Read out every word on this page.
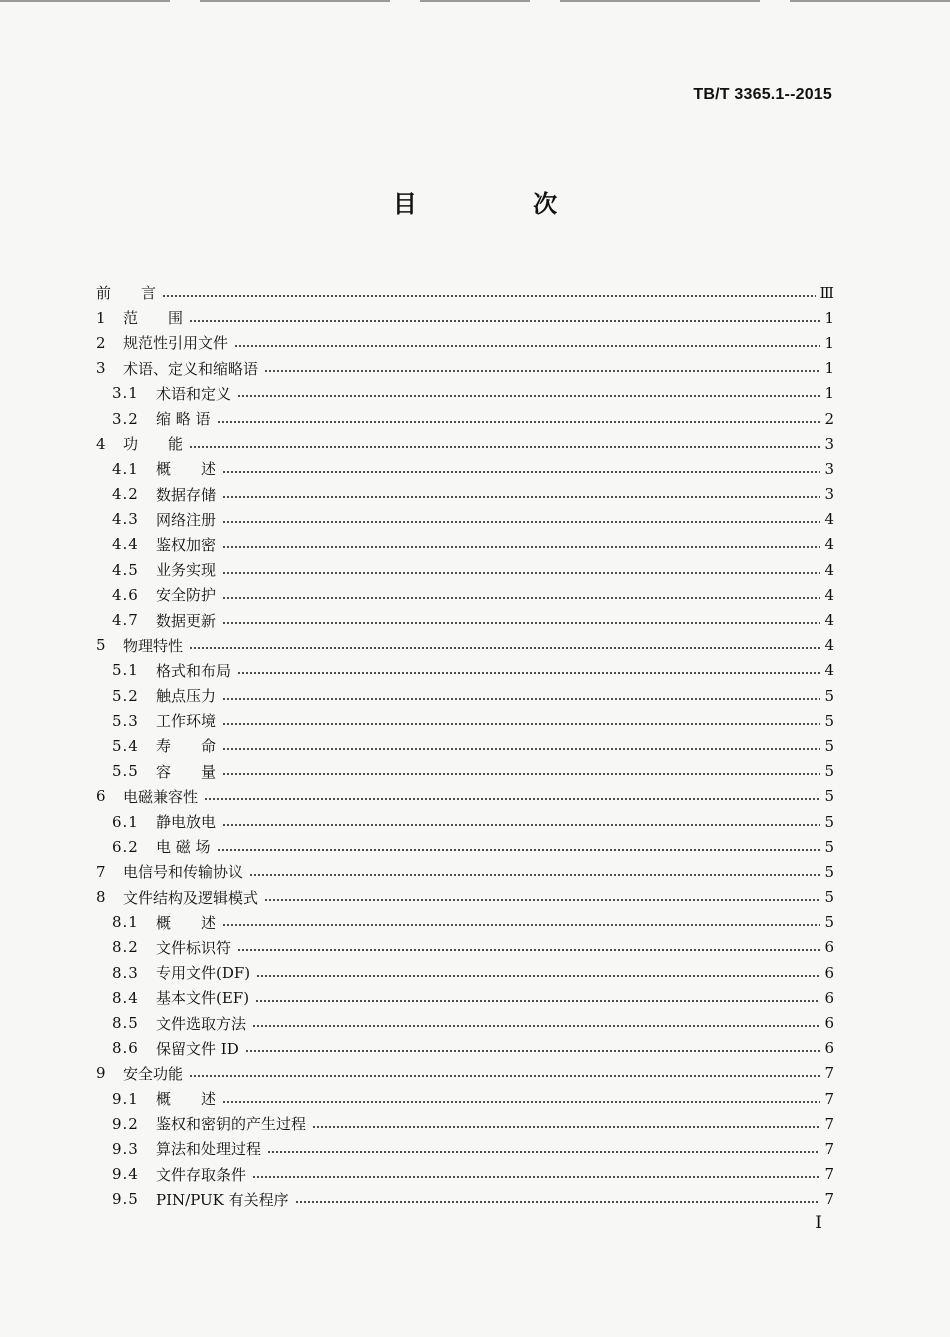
TB/T 3365.1--2015
目 次
前　　言	Ⅲ
1	范　　围	1
2	规范性引用文件	1
3	术语、定义和缩略语	1
3.1	术语和定义	1
3.2	缩 略 语	2
4	功　　能	3
4.1	概　　述	3
4.2	数据存储	3
4.3	网络注册	4
4.4	鉴权加密	4
4.5	业务实现	4
4.6	安全防护	4
4.7	数据更新	4
5	物理特性	4
5.1	格式和布局	4
5.2	触点压力	5
5.3	工作环境	5
5.4	寿　　命	5
5.5	容　　量	5
6	电磁兼容性	5
6.1	静电放电	5
6.2	电 磁 场	5
7	电信号和传输协议	5
8	文件结构及逻辑模式	5
8.1	概　　述	5
8.2	文件标识符	6
8.3	专用文件(DF)	6
8.4	基本文件(EF)	6
8.5	文件选取方法	6
8.6	保留文件 ID	6
9	安全功能	7
9.1	概　　述	7
9.2	鉴权和密钥的产生过程	7
9.3	算法和处理过程	7
9.4	文件存取条件	7
9.5	PIN/PUK 有关程序	7
I
